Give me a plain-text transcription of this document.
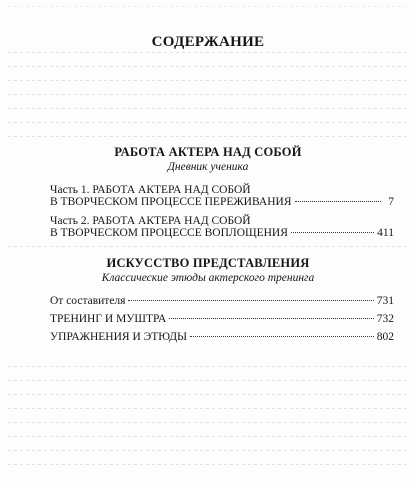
СОДЕРЖАНИЕ
РАБОТА АКТЕРА НАД СОБОЙ
Дневник ученика
Часть 1. РАБОТА АКТЕРА НАД СОБОЙ
В ТВОРЧЕСКОМ ПРОЦЕССЕ ПЕРЕЖИВАНИЯ	7
Часть 2. РАБОТА АКТЕРА НАД СОБОЙ
В ТВОРЧЕСКОМ ПРОЦЕССЕ ВОПЛОЩЕНИЯ	411
ИСКУССТВО ПРЕДСТАВЛЕНИЯ
Классические этюды актерского тренинга
От составителя	731
ТРЕНИНГ И МУШТРА	732
УПРАЖНЕНИЯ И ЭТЮДЫ	802
